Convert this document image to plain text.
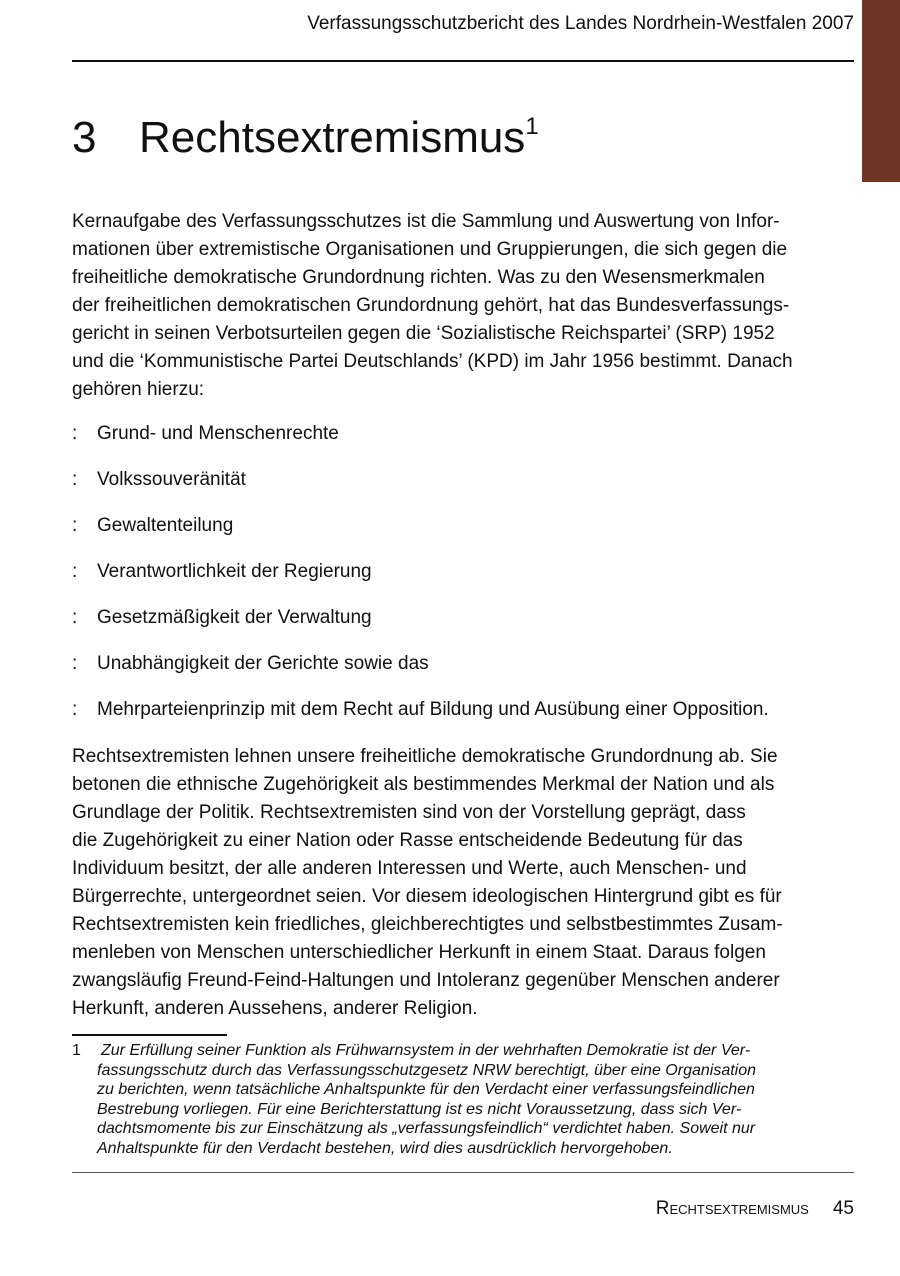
Verfassungsschutzbericht des Landes Nordrhein-Westfalen 2007
3 Rechtsextremismus$^1$
Kernaufgabe des Verfassungsschutzes ist die Sammlung und Auswertung von Infor-
mationen über extremistische Organisationen und Gruppierungen, die sich gegen die
freiheitliche demokratische Grundordnung richten. Was zu den Wesensmerkmalen
der freiheitlichen demokratischen Grundordnung gehört, hat das Bundesverfassungs-
gericht in seinen Verbotsurteilen gegen die ‘Sozialistische Reichspartei’ (SRP) 1952
und die ‘Kommunistische Partei Deutschlands’ (KPD) im Jahr 1956 bestimmt. Danach
gehören hierzu:
: Grund- und Menschenrechte
: Volkssouveränität
: Gewaltenteilung
: Verantwortlichkeit der Regierung
: Gesetzmäßigkeit der Verwaltung
: Unabhängigkeit der Gerichte sowie das
: Mehrparteienprinzip mit dem Recht auf Bildung und Ausübung einer Opposition.
Rechtsextremisten lehnen unsere freiheitliche demokratische Grundordnung ab. Sie
betonen die ethnische Zugehörigkeit als bestimmendes Merkmal der Nation und als
Grundlage der Politik. Rechtsextremisten sind von der Vorstellung geprägt, dass
die Zugehörigkeit zu einer Nation oder Rasse entscheidende Bedeutung für das
Individuum besitzt, der alle anderen Interessen und Werte, auch Menschen- und
Bürgerrechte, untergeordnet seien. Vor diesem ideologischen Hintergrund gibt es für
Rechtsextremisten kein friedliches, gleichberechtigtes und selbstbestimmtes Zusam-
menleben von Menschen unterschiedlicher Herkunft in einem Staat. Daraus folgen
zwangsläufig Freund-Feind-Haltungen und Intoleranz gegenüber Menschen anderer
Herkunft, anderen Aussehens, anderer Religion.
1 Zur Erfüllung seiner Funktion als Frühwarnsystem in der wehrhaften Demokratie ist der Ver-
fassungsschutz durch das Verfassungsschutzgesetz NRW berechtigt, über eine Organisation
zu berichten, wenn tatsächliche Anhaltspunkte für den Verdacht einer verfassungsfeindlichen
Bestrebung vorliegen. Für eine Berichterstattung ist es nicht Voraussetzung, dass sich Ver-
dachtsmomente bis zur Einschätzung als „verfassungsfeindlich“ verdichtet haben. Soweit nur
Anhaltspunkte für den Verdacht bestehen, wird dies ausdrücklich hervorgehoben.
Rechtsextremismus 45
